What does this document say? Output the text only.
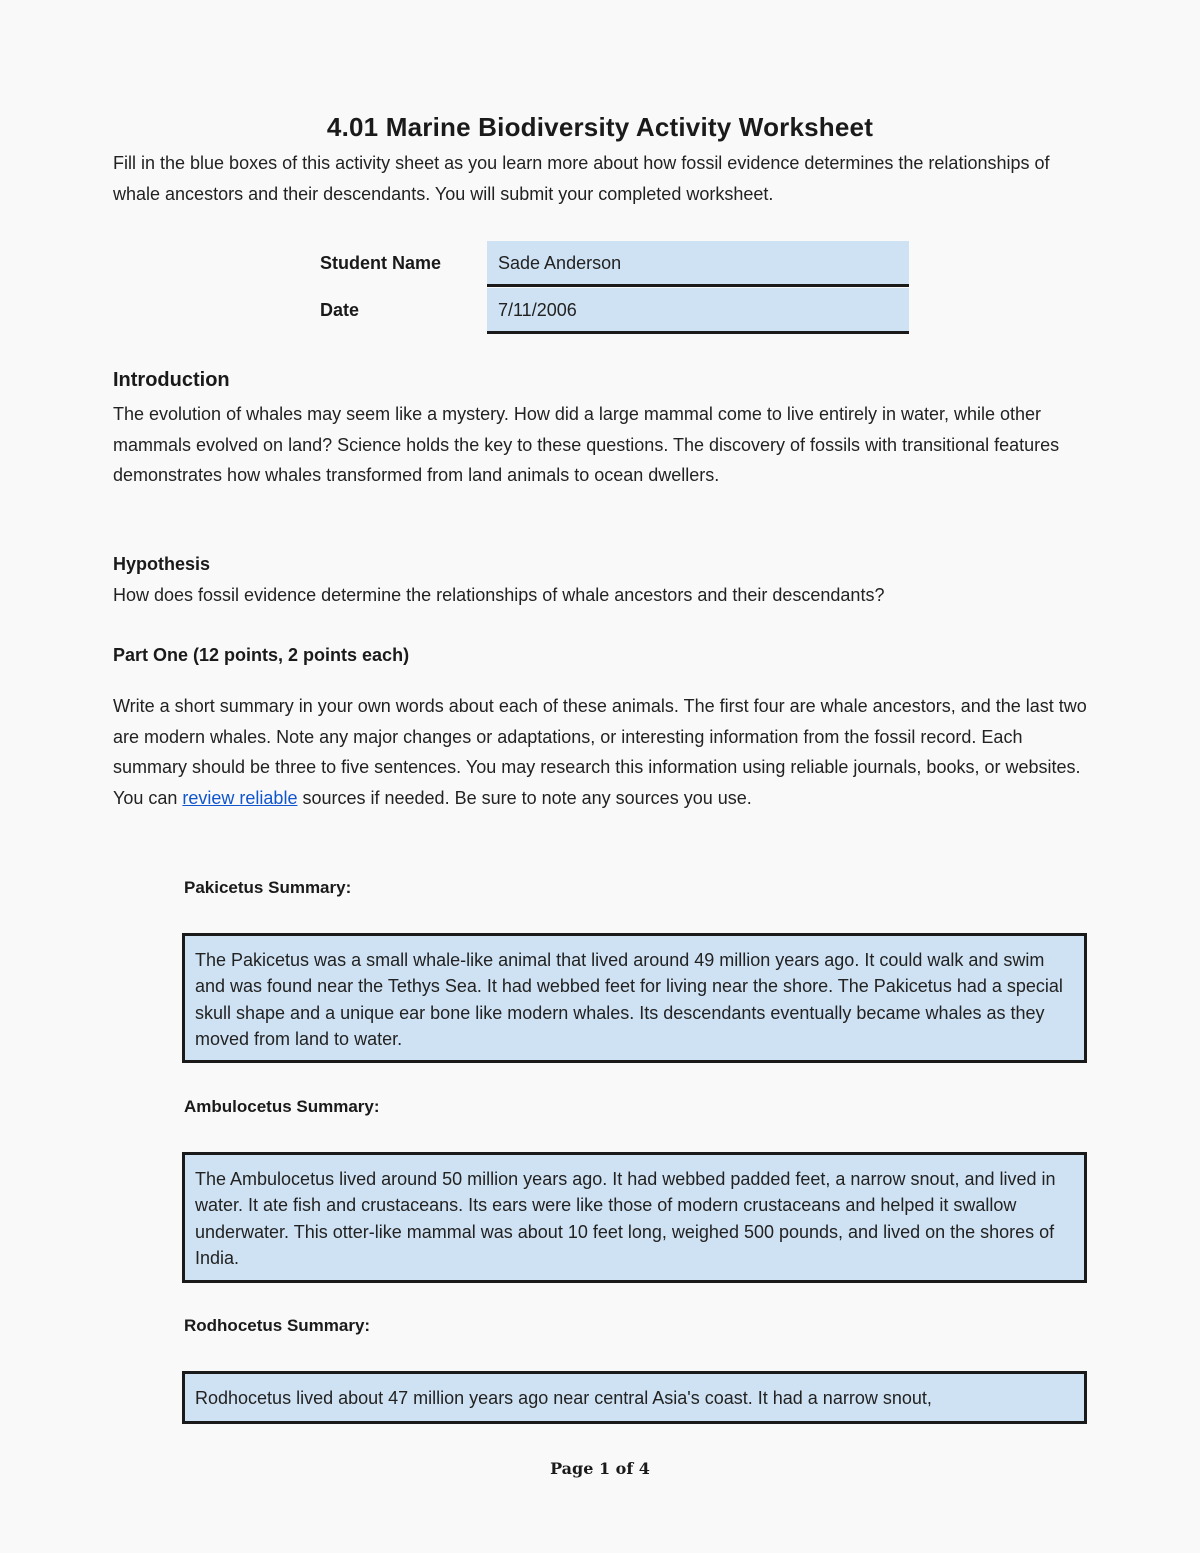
4.01 Marine Biodiversity Activity Worksheet
Fill in the blue boxes of this activity sheet as you learn more about how fossil evidence determines the relationships of whale ancestors and their descendants. You will submit your completed worksheet.
Student Name	Sade Anderson
Date	7/11/2006
Introduction
The evolution of whales may seem like a mystery. How did a large mammal come to live entirely in water, while other mammals evolved on land? Science holds the key to these questions. The discovery of fossils with transitional features demonstrates how whales transformed from land animals to ocean dwellers.
Hypothesis
How does fossil evidence determine the relationships of whale ancestors and their descendants?
Part One (12 points, 2 points each)
Write a short summary in your own words about each of these animals. The first four are whale ancestors, and the last two are modern whales. Note any major changes or adaptations, or interesting information from the fossil record. Each summary should be three to five sentences. You may research this information using reliable journals, books, or websites. You can review reliable sources if needed. Be sure to note any sources you use.
Pakicetus Summary:
The Pakicetus was a small whale-like animal that lived around 49 million years ago. It could walk and swim and was found near the Tethys Sea. It had webbed feet for living near the shore. The Pakicetus had a special skull shape and a unique ear bone like modern whales. Its descendants eventually became whales as they moved from land to water.
Ambulocetus Summary:
The Ambulocetus lived around 50 million years ago. It had webbed padded feet, a narrow snout, and lived in water. It ate fish and crustaceans. Its ears were like those of modern crustaceans and helped it swallow underwater. This otter-like mammal was about 10 feet long, weighed 500 pounds, and lived on the shores of India.
Rodhocetus Summary:
Rodhocetus lived about 47 million years ago near central Asia's coast. It had a narrow snout,
Page 1 of 4
